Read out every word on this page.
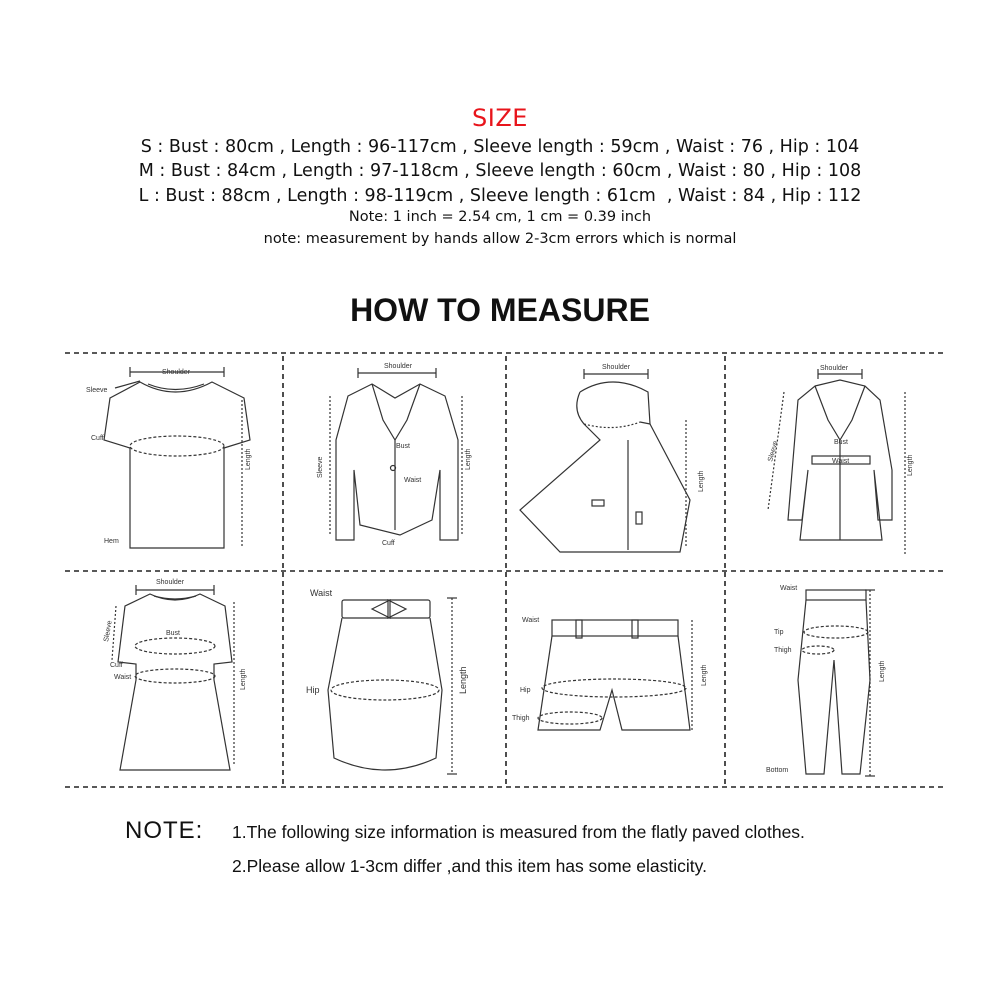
SIZE
S : Bust : 80cm , Length : 96-117cm , Sleeve length : 59cm , Waist : 76 , Hip : 104
M : Bust : 84cm , Length : 97-118cm , Sleeve length : 60cm , Waist : 80 , Hip : 108
L : Bust : 88cm , Length : 98-119cm , Sleeve length : 61cm  , Waist : 84 , Hip : 112
Note: 1 inch = 2.54 cm, 1 cm = 0.39 inch
note: measurement by hands allow 2-3cm errors which is normal
HOW TO MEASURE
Shoulder
Sleeve
Cuff
Length
Hem
Shoulder
Sleeve
Bust
Waist
Length
Cuff
Shoulder
Length
Shoulder
Sleeve	Bust
Waist	Length
Shoulder
Sleeve	Bust
Cuff
Waist	Length
Waist
Hip	Length
Waist
Hip
Thigh
Length
Waist
Tip
Thigh
Length
Bottom
NOTE: 1.The following size information is measured from the flatly paved clothes.
2.Please allow 1-3cm differ ,and this item has some elasticity.
